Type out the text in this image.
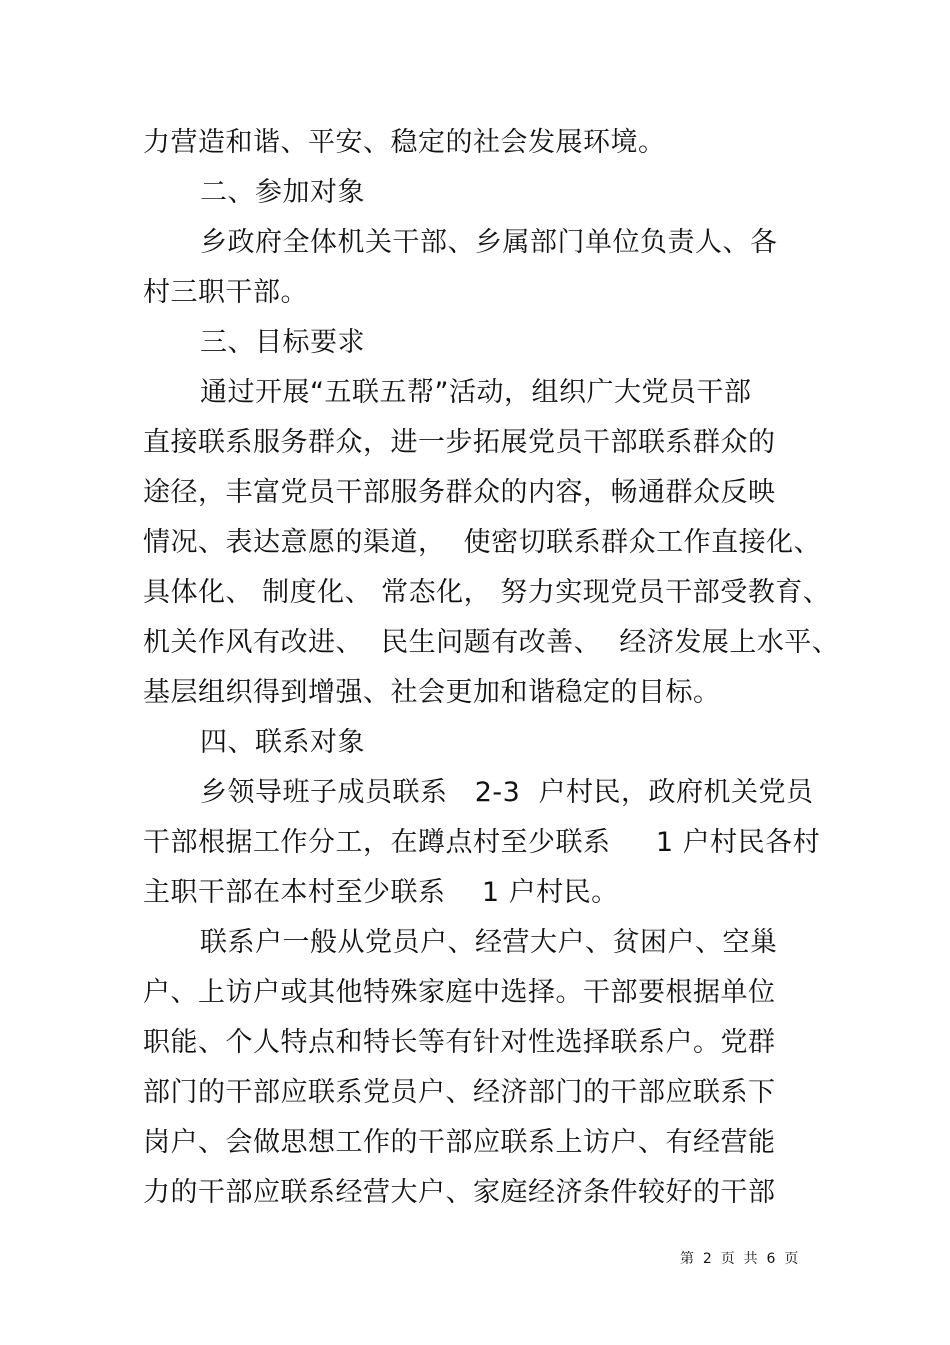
力营造和谐、平安、稳定的社会发展环境。
二、参加对象
乡政府全体机关干部、乡属部门单位负责人、各
村三职干部。
三、目标要求
通过开展“五联五帮”活动，组织广大党员干部
直接联系服务群众，进一步拓展党员干部联系群众的
途径，丰富党员干部服务群众的内容，畅通群众反映
情况、表达意愿的渠道，  使密切联系群众工作直接化、
具体化、 制度化、 常态化， 努力实现党员干部受教育、
机关作风有改进、  民生问题有改善、  经济发展上水平、
基层组织得到增强、社会更加和谐稳定的目标。
四、联系对象
乡领导班子成员联系   2-3  户村民，政府机关党员
干部根据工作分工，在蹲点村至少联系     1 户村民各村
主职干部在本村至少联系    1 户村民。
联系户一般从党员户、经营大户、贫困户、空巢
户、上访户或其他特殊家庭中选择。干部要根据单位
职能、个人特点和特长等有针对性选择联系户。党群
部门的干部应联系党员户、经济部门的干部应联系下
岗户、会做思想工作的干部应联系上访户、有经营能
力的干部应联系经营大户、家庭经济条件较好的干部
第  2  页  共  6  页
